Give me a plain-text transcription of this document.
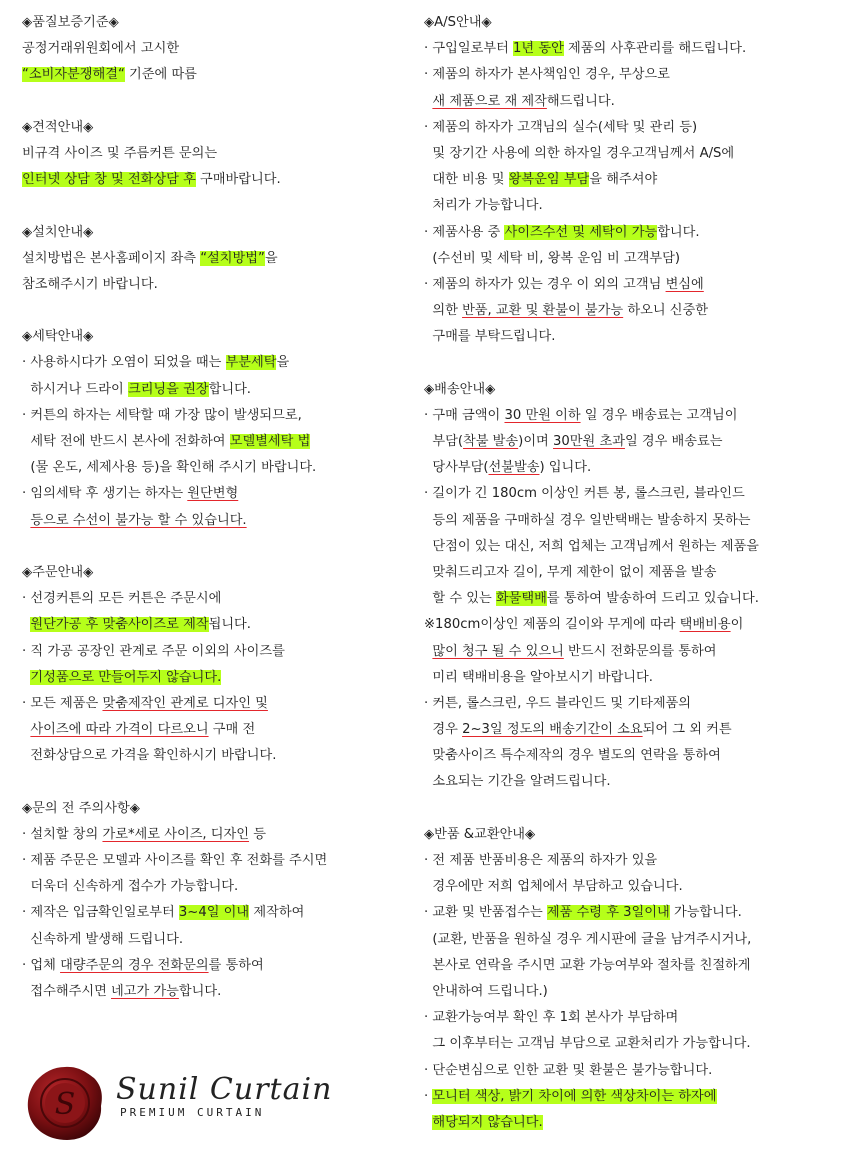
◈품질보증기준◈
공정거래위원회에서 고시한
“소비자분쟁해결“ 기준에 따름
◈견적안내◈
비규격 사이즈 및 주름커튼 문의는
인터넷 상담 창 및 전화상담 후 구매바랍니다.
◈설치안내◈
설치방법은 본사홈페이지 좌측 “설치방법”을
참조해주시기 바랍니다.
◈세탁안내◈
· 사용하시다가 오염이 되었을 때는 부분세탁을
하시거나 드라이 크리닝을 권장합니다.
· 커튼의 하자는 세탁할 때 가장 많이 발생되므로,
세탁 전에 반드시 본사에 전화하여 모델별세탁 법
(물 온도, 세제사용 등)을 확인해 주시기 바랍니다.
· 임의세탁 후 생기는 하자는 원단변형
등으로 수선이 불가능 할 수 있습니다.
◈주문안내◈
· 선경커튼의 모든 커튼은 주문시에
원단가공 후 맞춤사이즈로 제작됩니다.
· 직 가공 공장인 관계로 주문 이외의 사이즈를
기성품으로 만들어두지 않습니다.
· 모든 제품은 맞춤제작인 관계로 디자인 및
사이즈에 따라 가격이 다르오니 구매 전
전화상담으로 가격을 확인하시기 바랍니다.
◈문의 전 주의사항◈
· 설치할 창의 가로*세로 사이즈, 디자인 등
· 제품 주문은 모델과 사이즈를 확인 후 전화를 주시면
더욱더 신속하게 접수가 가능합니다.
· 제작은 입금확인일로부터 3~4일 이내 제작하여
신속하게 발생해 드립니다.
· 업체 대량주문의 경우 전화문의를 통하여
접수해주시면 네고가 가능합니다.
◈A/S안내◈
· 구입일로부터 1년 동안 제품의 사후관리를 해드립니다.
· 제품의 하자가 본사책임인 경우, 무상으로
새 제품으로 재 제작해드립니다.
· 제품의 하자가 고객님의 실수(세탁 및 관리 등)
및 장기간 사용에 의한 하자일 경우고객님께서 A/S에
대한 비용 및 왕복운임 부담을 해주셔야
처리가 가능합니다.
· 제품사용 중 사이즈수선 및 세탁이 가능합니다.
(수선비 및 세탁 비, 왕복 운임 비 고객부담)
· 제품의 하자가 있는 경우 이 외의 고객님 변심에
의한 반품, 교환 및 환불이 불가능 하오니 신중한
구매를 부탁드립니다.
◈배송안내◈
· 구매 금액이 30 만원 이하 일 경우 배송료는 고객님이
부담(착불 발송)이며 30만원 초과일 경우 배송료는
당사부담(선불발송) 입니다.
· 길이가 긴 180cm 이상인 커튼 봉, 롤스크린, 블라인드
등의 제품을 구매하실 경우 일반택배는 발송하지 못하는
단점이 있는 대신, 저희 업체는 고객님께서 원하는 제품을
맞춰드리고자 길이, 무게 제한이 없이 제품을 발송
할 수 있는 화물택배를 통하여 발송하여 드리고 있습니다.
※180cm이상인 제품의 길이와 무게에 따라 택배비용이
많이 청구 될 수 있으니 반드시 전화문의를 통하여
미리 택배비용을 알아보시기 바랍니다.
· 커튼, 롤스크린, 우드 블라인드 및 기타제품의
경우 2~3일 정도의 배송기간이 소요되어 그 외 커튼
맞춤사이즈 특수제작의 경우 별도의 연락을 통하여
소요되는 기간을 알려드립니다.
◈반품 &교환안내◈
· 전 제품 반품비용은 제품의 하자가 있을
경우에만 저희 업체에서 부담하고 있습니다.
· 교환 및 반품접수는 제품 수령 후 3일이내 가능합니다.
(교환, 반품을 원하실 경우 게시판에 글을 남겨주시거나,
본사로 연락을 주시면 교환 가능여부와 절차를 친절하게
안내하여 드립니다.)
· 교환가능여부 확인 후 1회 본사가 부담하며
그 이후부터는 고객님 부담으로 교환처리가 가능합니다.
· 단순변심으로 인한 교환 및 환불은 불가능합니다.
· 모니터 색상, 밝기 차이에 의한 색상차이는 하자에
해당되지 않습니다.
S Sunil Curtain
PREMIUM CURTAIN
